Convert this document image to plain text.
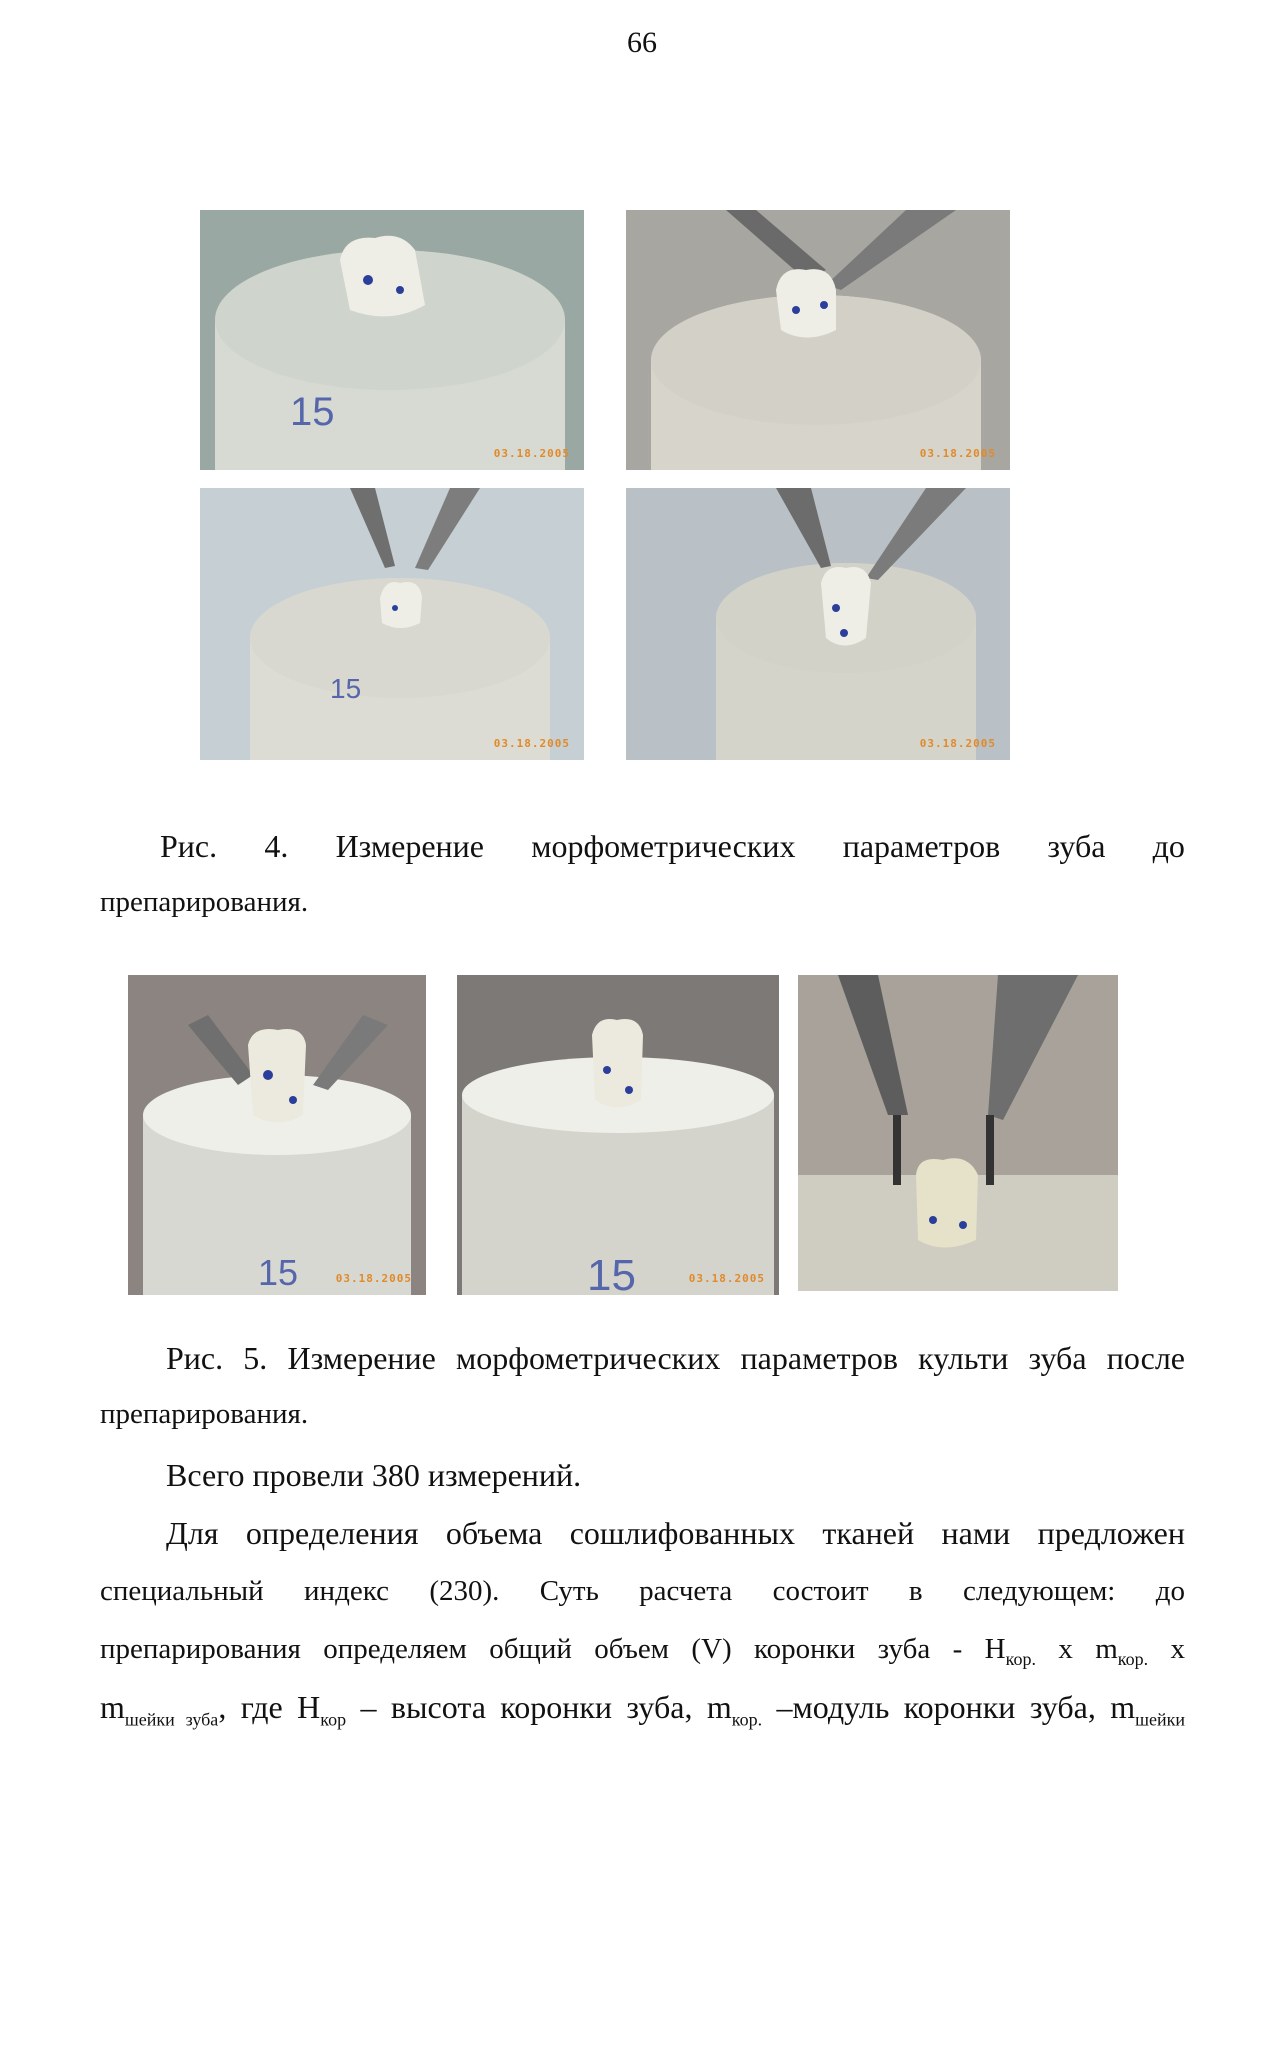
66
15
03.18.2005	03.18.2005
15
03.18.2005	03.18.2005
Рис. 4. Измерение морфометрических параметров зуба до
препарирования.
15	03.18.2005	15	03.18.2005
Рис. 5. Измерение морфометрических параметров культи зуба после
препарирования.
Всего провели 380 измерений.
Для определения объема сошлифованных тканей нами предложен
специальный индекс (230). Суть расчета состоит в следующем: до
препарирования определяем общий объем (V) коронки зуба - $H_{кор.}$ х $m_{кор.}$ х
$m_{шейки зуба}$, где $H_{кор}$ – высота коронки зуба, $m_{кор.}$ –модуль коронки зуба, $m_{шейки}$
